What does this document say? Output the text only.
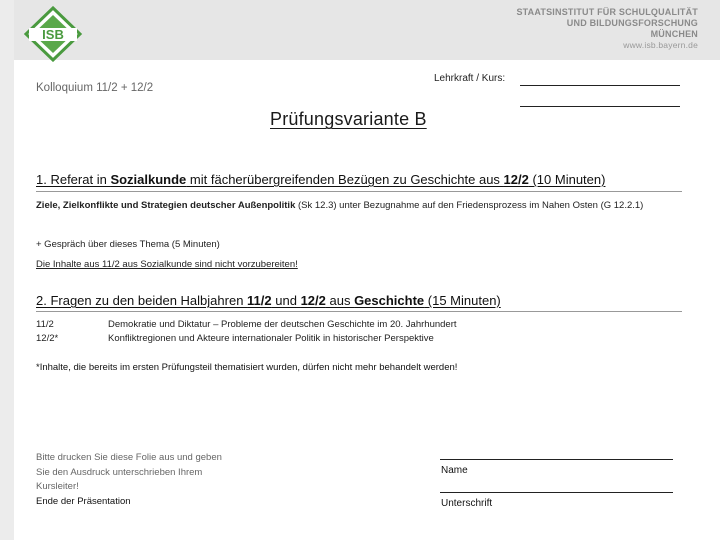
ISB
STAATSINSTITUT FÜR SCHULQUALITÄT
UND BILDUNGSFORSCHUNG
MÜNCHEN
www.isb.bayern.de
Kolloquium 11/2 + 12/2
Lehrkraft / Kurs:
Prüfungsvariante B
1. Referat in Sozialkunde mit fächerübergreifenden Bezügen zu Geschichte aus 12/2 (10 Minuten)
Ziele, Zielkonflikte und Strategien deutscher Außenpolitik (Sk 12.3) unter Bezugnahme auf den Friedensprozess im Nahen Osten (G 12.2.1)
+ Gespräch über dieses Thema (5 Minuten)
Die Inhalte aus 11/2 aus Sozialkunde sind nicht vorzubereiten!
2. Fragen zu den beiden Halbjahren 11/2 und 12/2 aus Geschichte (15 Minuten)
11/2	Demokratie und Diktatur – Probleme der deutschen Geschichte im 20. Jahrhundert
12/2*	Konfliktregionen und Akteure internationaler Politik in historischer Perspektive
*Inhalte, die bereits im ersten Prüfungsteil thematisiert wurden, dürfen nicht mehr behandelt werden!
Bitte drucken Sie diese Folie aus und geben Sie den Ausdruck unterschrieben Ihrem Kursleiter!
Ende der Präsentation
Name
Unterschrift
